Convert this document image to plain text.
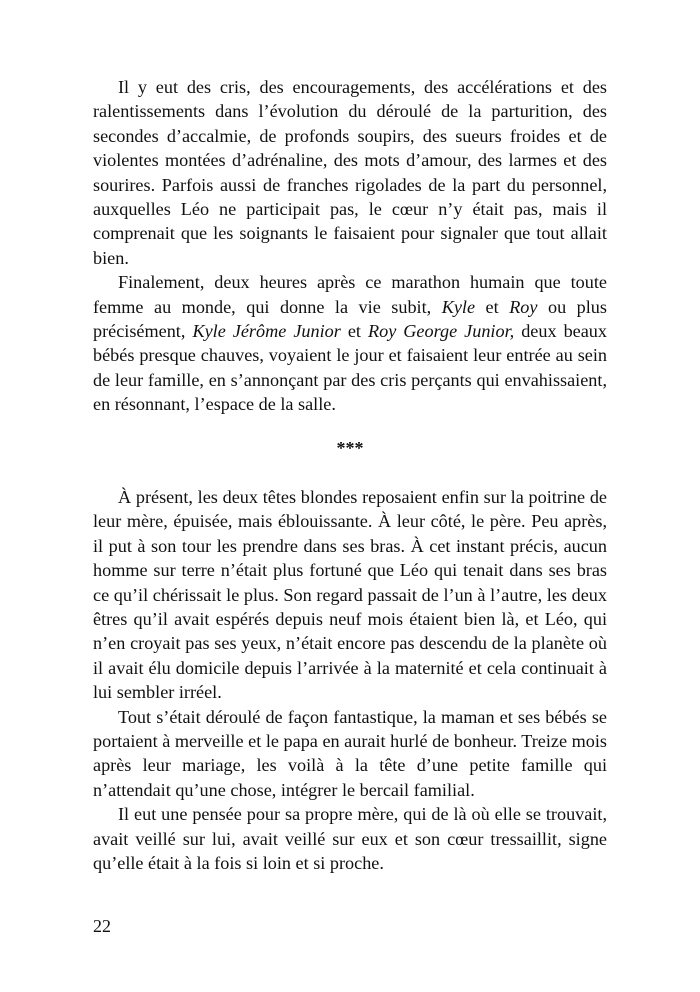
Il y eut des cris, des encouragements, des accélérations et des ralentissements dans l’évolution du déroulé de la parturition, des secondes d’accalmie, de profonds soupirs, des sueurs froides et de violentes montées d’adrénaline, des mots d’amour, des larmes et des sourires. Parfois aussi de franches rigolades de la part du personnel, auxquelles Léo ne participait pas, le cœur n’y était pas, mais il comprenait que les soignants le faisaient pour signaler que tout allait bien.

Finalement, deux heures après ce marathon humain que toute femme au monde, qui donne la vie subit, Kyle et Roy ou plus précisément, Kyle Jérôme Junior et Roy George Junior, deux beaux bébés presque chauves, voyaient le jour et faisaient leur entrée au sein de leur famille, en s’annonçant par des cris perçants qui envahissaient, en résonnant, l’espace de la salle.

***

À présent, les deux têtes blondes reposaient enfin sur la poitrine de leur mère, épuisée, mais éblouissante. À leur côté, le père. Peu après, il put à son tour les prendre dans ses bras. À cet instant précis, aucun homme sur terre n’était plus fortuné que Léo qui tenait dans ses bras ce qu’il chérissait le plus. Son regard passait de l’un à l’autre, les deux êtres qu’il avait espérés depuis neuf mois étaient bien là, et Léo, qui n’en croyait pas ses yeux, n’était encore pas descendu de la planète où il avait élu domicile depuis l’arrivée à la maternité et cela continuait à lui sembler irréel.

Tout s’était déroulé de façon fantastique, la maman et ses bébés se portaient à merveille et le papa en aurait hurlé de bonheur. Treize mois après leur mariage, les voilà à la tête d’une petite famille qui n’attendait qu’une chose, intégrer le bercail familial.

Il eut une pensée pour sa propre mère, qui de là où elle se trouvait, avait veillé sur lui, avait veillé sur eux et son cœur tressaillit, signe qu’elle était à la fois si loin et si proche.

22
